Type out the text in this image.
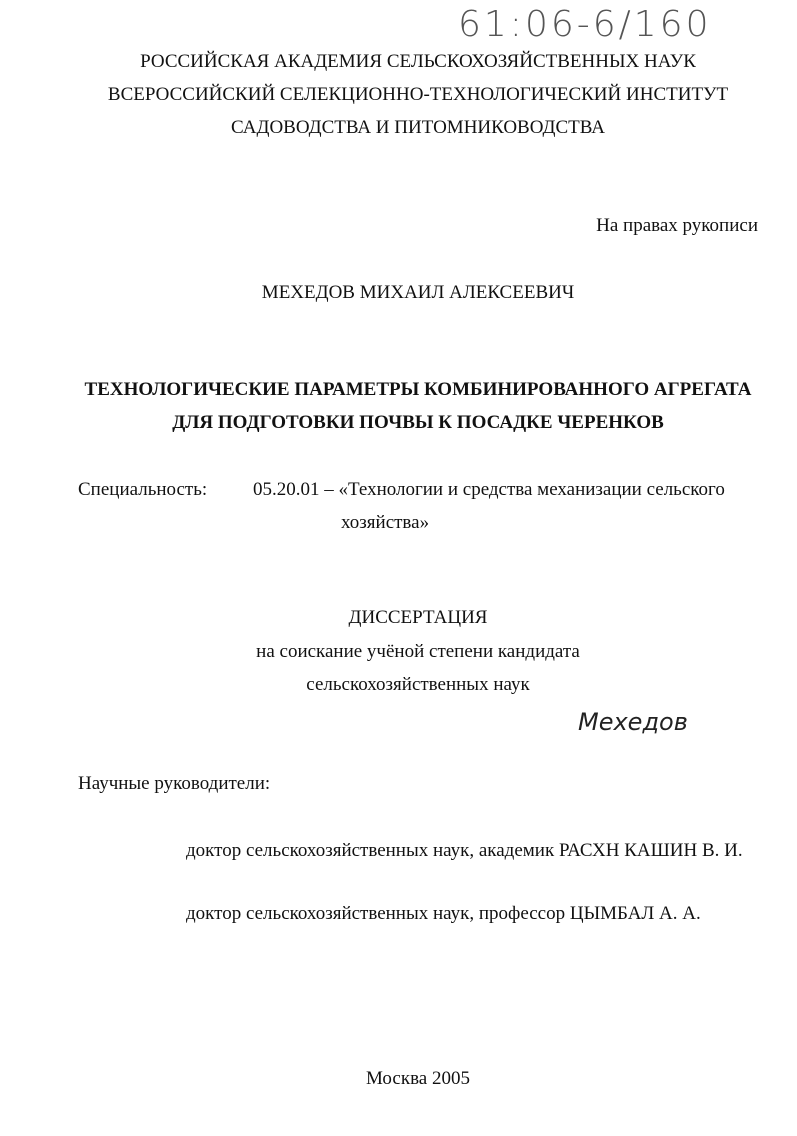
61:06-6/160
РОССИЙСКАЯ АКАДЕМИЯ СЕЛЬСКОХОЗЯЙСТВЕННЫХ НАУК
ВСЕРОССИЙСКИЙ СЕЛЕКЦИОННО-ТЕХНОЛОГИЧЕСКИЙ ИНСТИТУТ
САДОВОДСТВА И ПИТОМНИКОВОДСТВА
На правах рукописи
МЕХЕДОВ МИХАИЛ АЛЕКСЕЕВИЧ
ТЕХНОЛОГИЧЕСКИЕ ПАРАМЕТРЫ КОМБИНИРОВАННОГО АГРЕГАТА
ДЛЯ ПОДГОТОВКИ ПОЧВЫ К ПОСАДКЕ ЧЕРЕНКОВ
Специальность: 05.20.01 – «Технологии и средства механизации сельского
хозяйства»
ДИССЕРТАЦИЯ
на соискание учёной степени кандидата
сельскохозяйственных наук
Мехедов
Научные руководители:
доктор сельскохозяйственных наук, академик РАСХН КАШИН В. И.
доктор сельскохозяйственных наук, профессор ЦЫМБАЛ А. А.
Москва 2005
